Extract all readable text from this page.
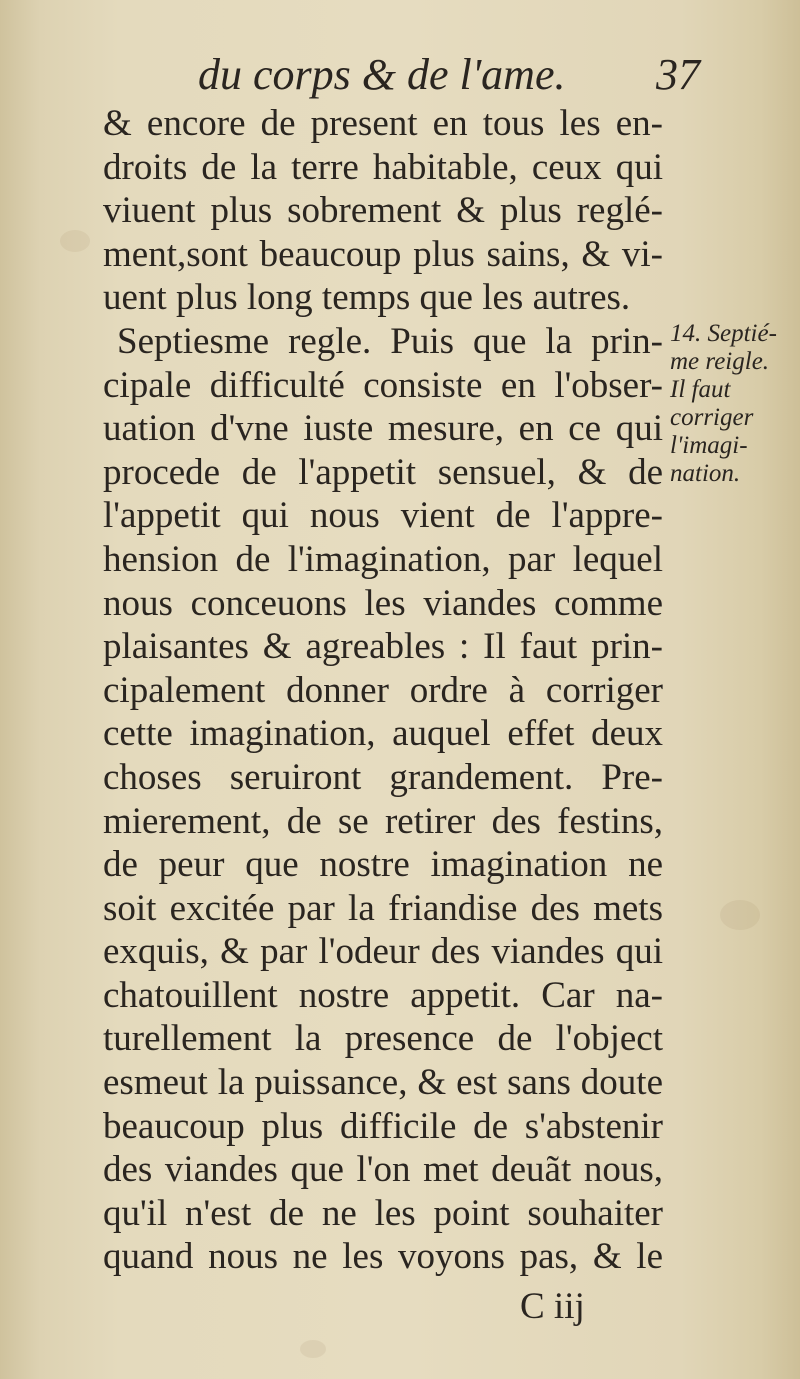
du corps & de l'ame. 37
& encore de present en tous les en-
droits de la terre habitable, ceux qui
viuent plus sobrement & plus reglé-
ment,sont beaucoup plus sains, & vi-
uent plus long temps que les autres.
Septiesme regle. Puis que la prin-
cipale difficulté consiste en l'obser-
uation d'vne iuste mesure, en ce qui
procede de l'appetit sensuel, & de
l'appetit qui nous vient de l'appre-
hension de l'imagination, par lequel
nous conceuons les viandes comme
plaisantes & agreables : Il faut prin-
cipalement donner ordre à corriger
cette imagination, auquel effet deux
choses seruiront grandement. Pre-
mierement, de se retirer des festins,
de peur que nostre imagination ne
soit excitée par la friandise des mets
exquis, & par l'odeur des viandes qui
chatouillent nostre appetit. Car na-
turellement la presence de l'object
esmeut la puissance, & est sans doute
beaucoup plus difficile de s'abstenir
des viandes que l'on met deuãt nous,
qu'il n'est de ne les point souhaiter
quand nous ne les voyons pas, & le
14. Septié-
me reigle.
Il faut
corriger
l'imagi-
nation.
C iij
